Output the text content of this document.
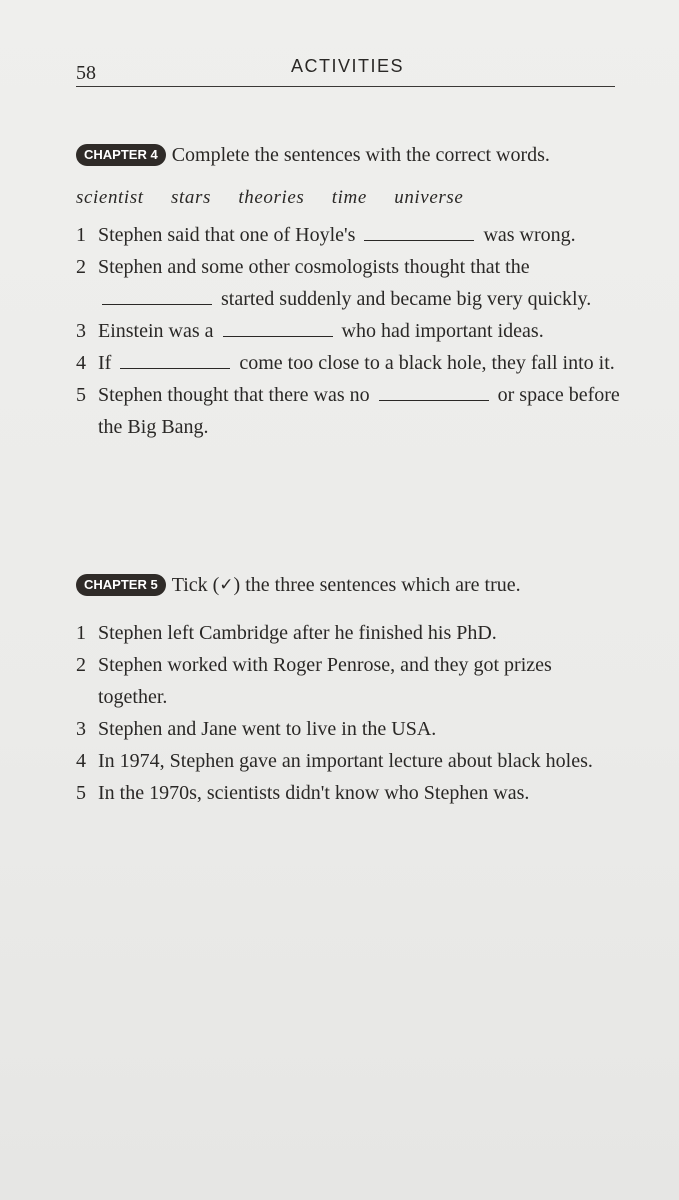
58	ACTIVITIES
CHAPTER 4 Complete the sentences with the correct words.
scientist stars theories time universe
1 Stephen said that one of Hoyle's	was wrong.
2 Stephen and some other cosmologists thought that the  started suddenly and became big very quickly.
3 Einstein was a	who had important ideas.
4 If	come too close to a black hole, they fall into it.
5 Stephen thought that there was no	or space before the Big Bang.
CHAPTER 5 Tick ( ✓ ) the three sentences which are true.
1 Stephen left Cambridge after he finished his PhD.
2 Stephen worked with Roger Penrose, and they got prizes together.
3 Stephen and Jane went to live in the USA.
4 In 1974, Stephen gave an important lecture about black holes.
5 In the 1970s, scientists didn't know who Stephen was.
